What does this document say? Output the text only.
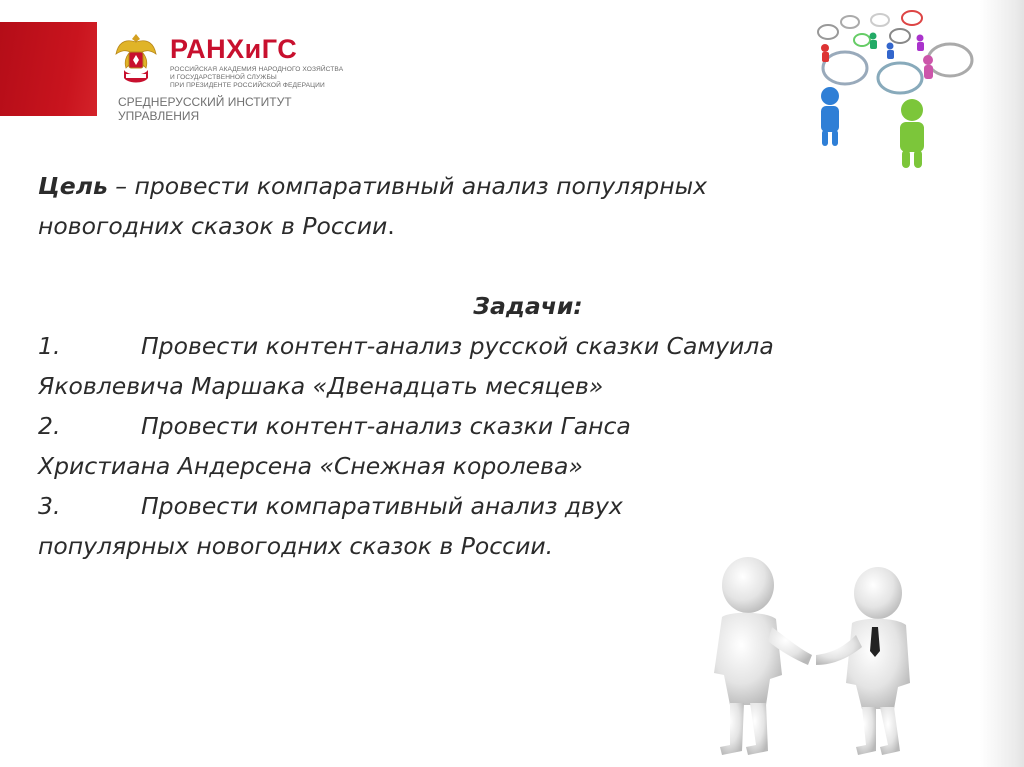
РАНХиГС
РОССИЙСКАЯ АКАДЕМИЯ НАРОДНОГО ХОЗЯЙСТВА
И ГОСУДАРСТВЕННОЙ СЛУЖБЫ
ПРИ ПРЕЗИДЕНТЕ РОССИЙСКОЙ ФЕДЕРАЦИИ
СРЕДНЕРУССКИЙ ИНСТИТУТ
УПРАВЛЕНИЯ
Цель – провести компаративный анализ популярных
новогодних сказок в России.
Задачи:
1.	Провести контент-анализ русской сказки Самуила
Яковлевича Маршака «Двенадцать месяцев»
2.	Провести контент-анализ сказки Ганса
Христиана Андерсена «Снежная королева»
3.	Провести компаративный анализ двух
популярных новогодних сказок в России.
